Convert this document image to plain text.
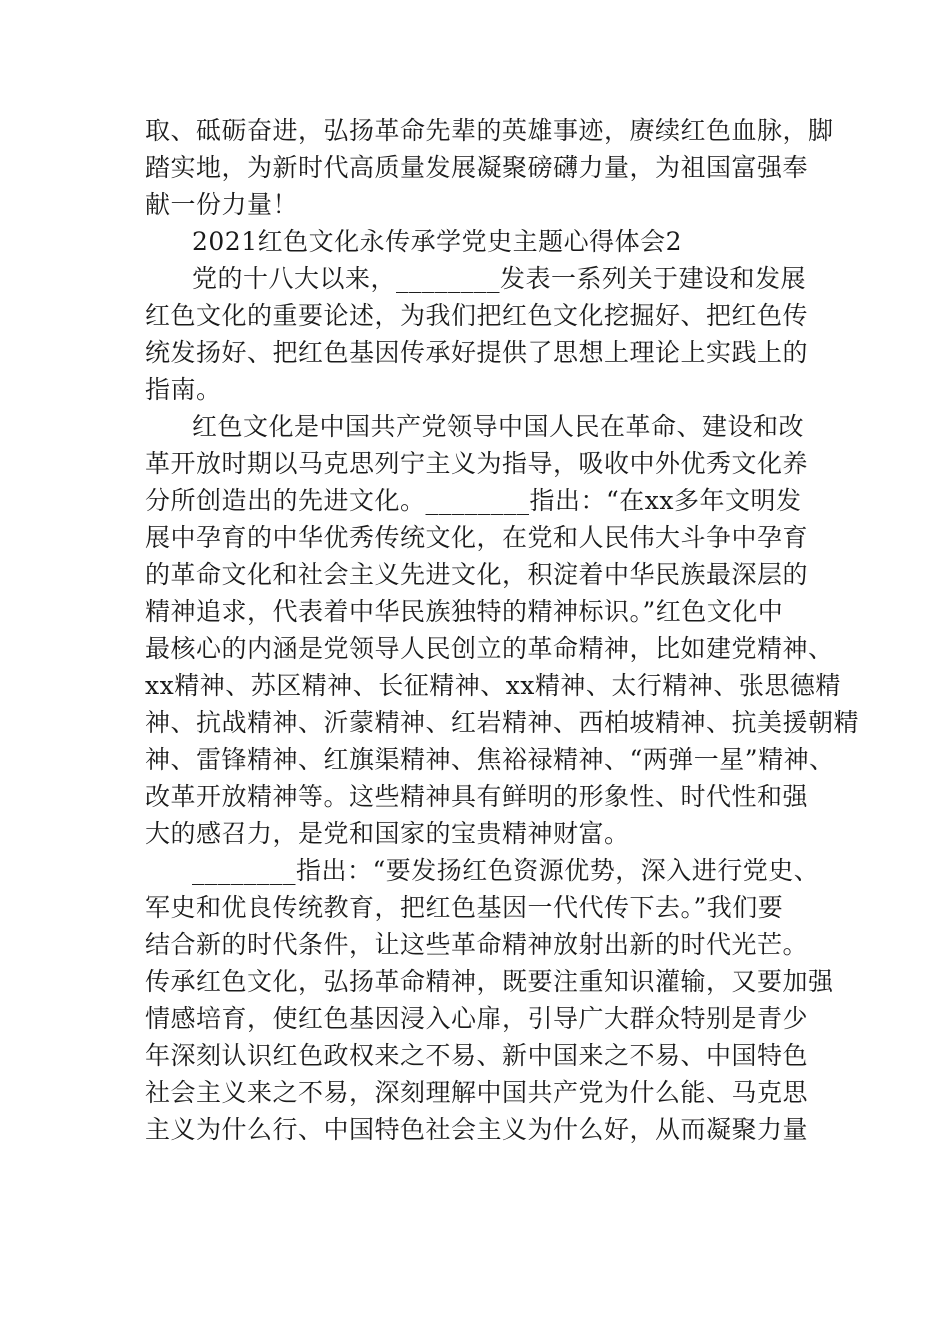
取、砥砺奋进，弘扬革命先辈的英雄事迹，赓续红色血脉，脚
踏实地，为新时代高质量发展凝聚磅礴力量，为祖国富强奉
献一份力量！
2021红色文化永传承学党史主题心得体会2
党的十八大以来，________发表一系列关于建设和发展
红色文化的重要论述，为我们把红色文化挖掘好、把红色传
统发扬好、把红色基因传承好提供了思想上理论上实践上的
指南。
红色文化是中国共产党领导中国人民在革命、建设和改
革开放时期以马克思列宁主义为指导，吸收中外优秀文化养
分所创造出的先进文化。________指出：“在xx多年文明发
展中孕育的中华优秀传统文化，在党和人民伟大斗争中孕育
的革命文化和社会主义先进文化，积淀着中华民族最深层的
精神追求，代表着中华民族独特的精神标识。”红色文化中
最核心的内涵是党领导人民创立的革命精神，比如建党精神、
xx精神、苏区精神、长征精神、xx精神、太行精神、张思德精
神、抗战精神、沂蒙精神、红岩精神、西柏坡精神、抗美援朝精
神、雷锋精神、红旗渠精神、焦裕禄精神、“两弹一星”精神、
改革开放精神等。这些精神具有鲜明的形象性、时代性和强
大的感召力，是党和国家的宝贵精神财富。
________指出：“要发扬红色资源优势，深入进行党史、
军史和优良传统教育，把红色基因一代代传下去。”我们要
结合新的时代条件，让这些革命精神放射出新的时代光芒。
传承红色文化，弘扬革命精神，既要注重知识灌输，又要加强
情感培育，使红色基因浸入心扉，引导广大群众特别是青少
年深刻认识红色政权来之不易、新中国来之不易、中国特色
社会主义来之不易，深刻理解中国共产党为什么能、马克思
主义为什么行、中国特色社会主义为什么好，从而凝聚力量
